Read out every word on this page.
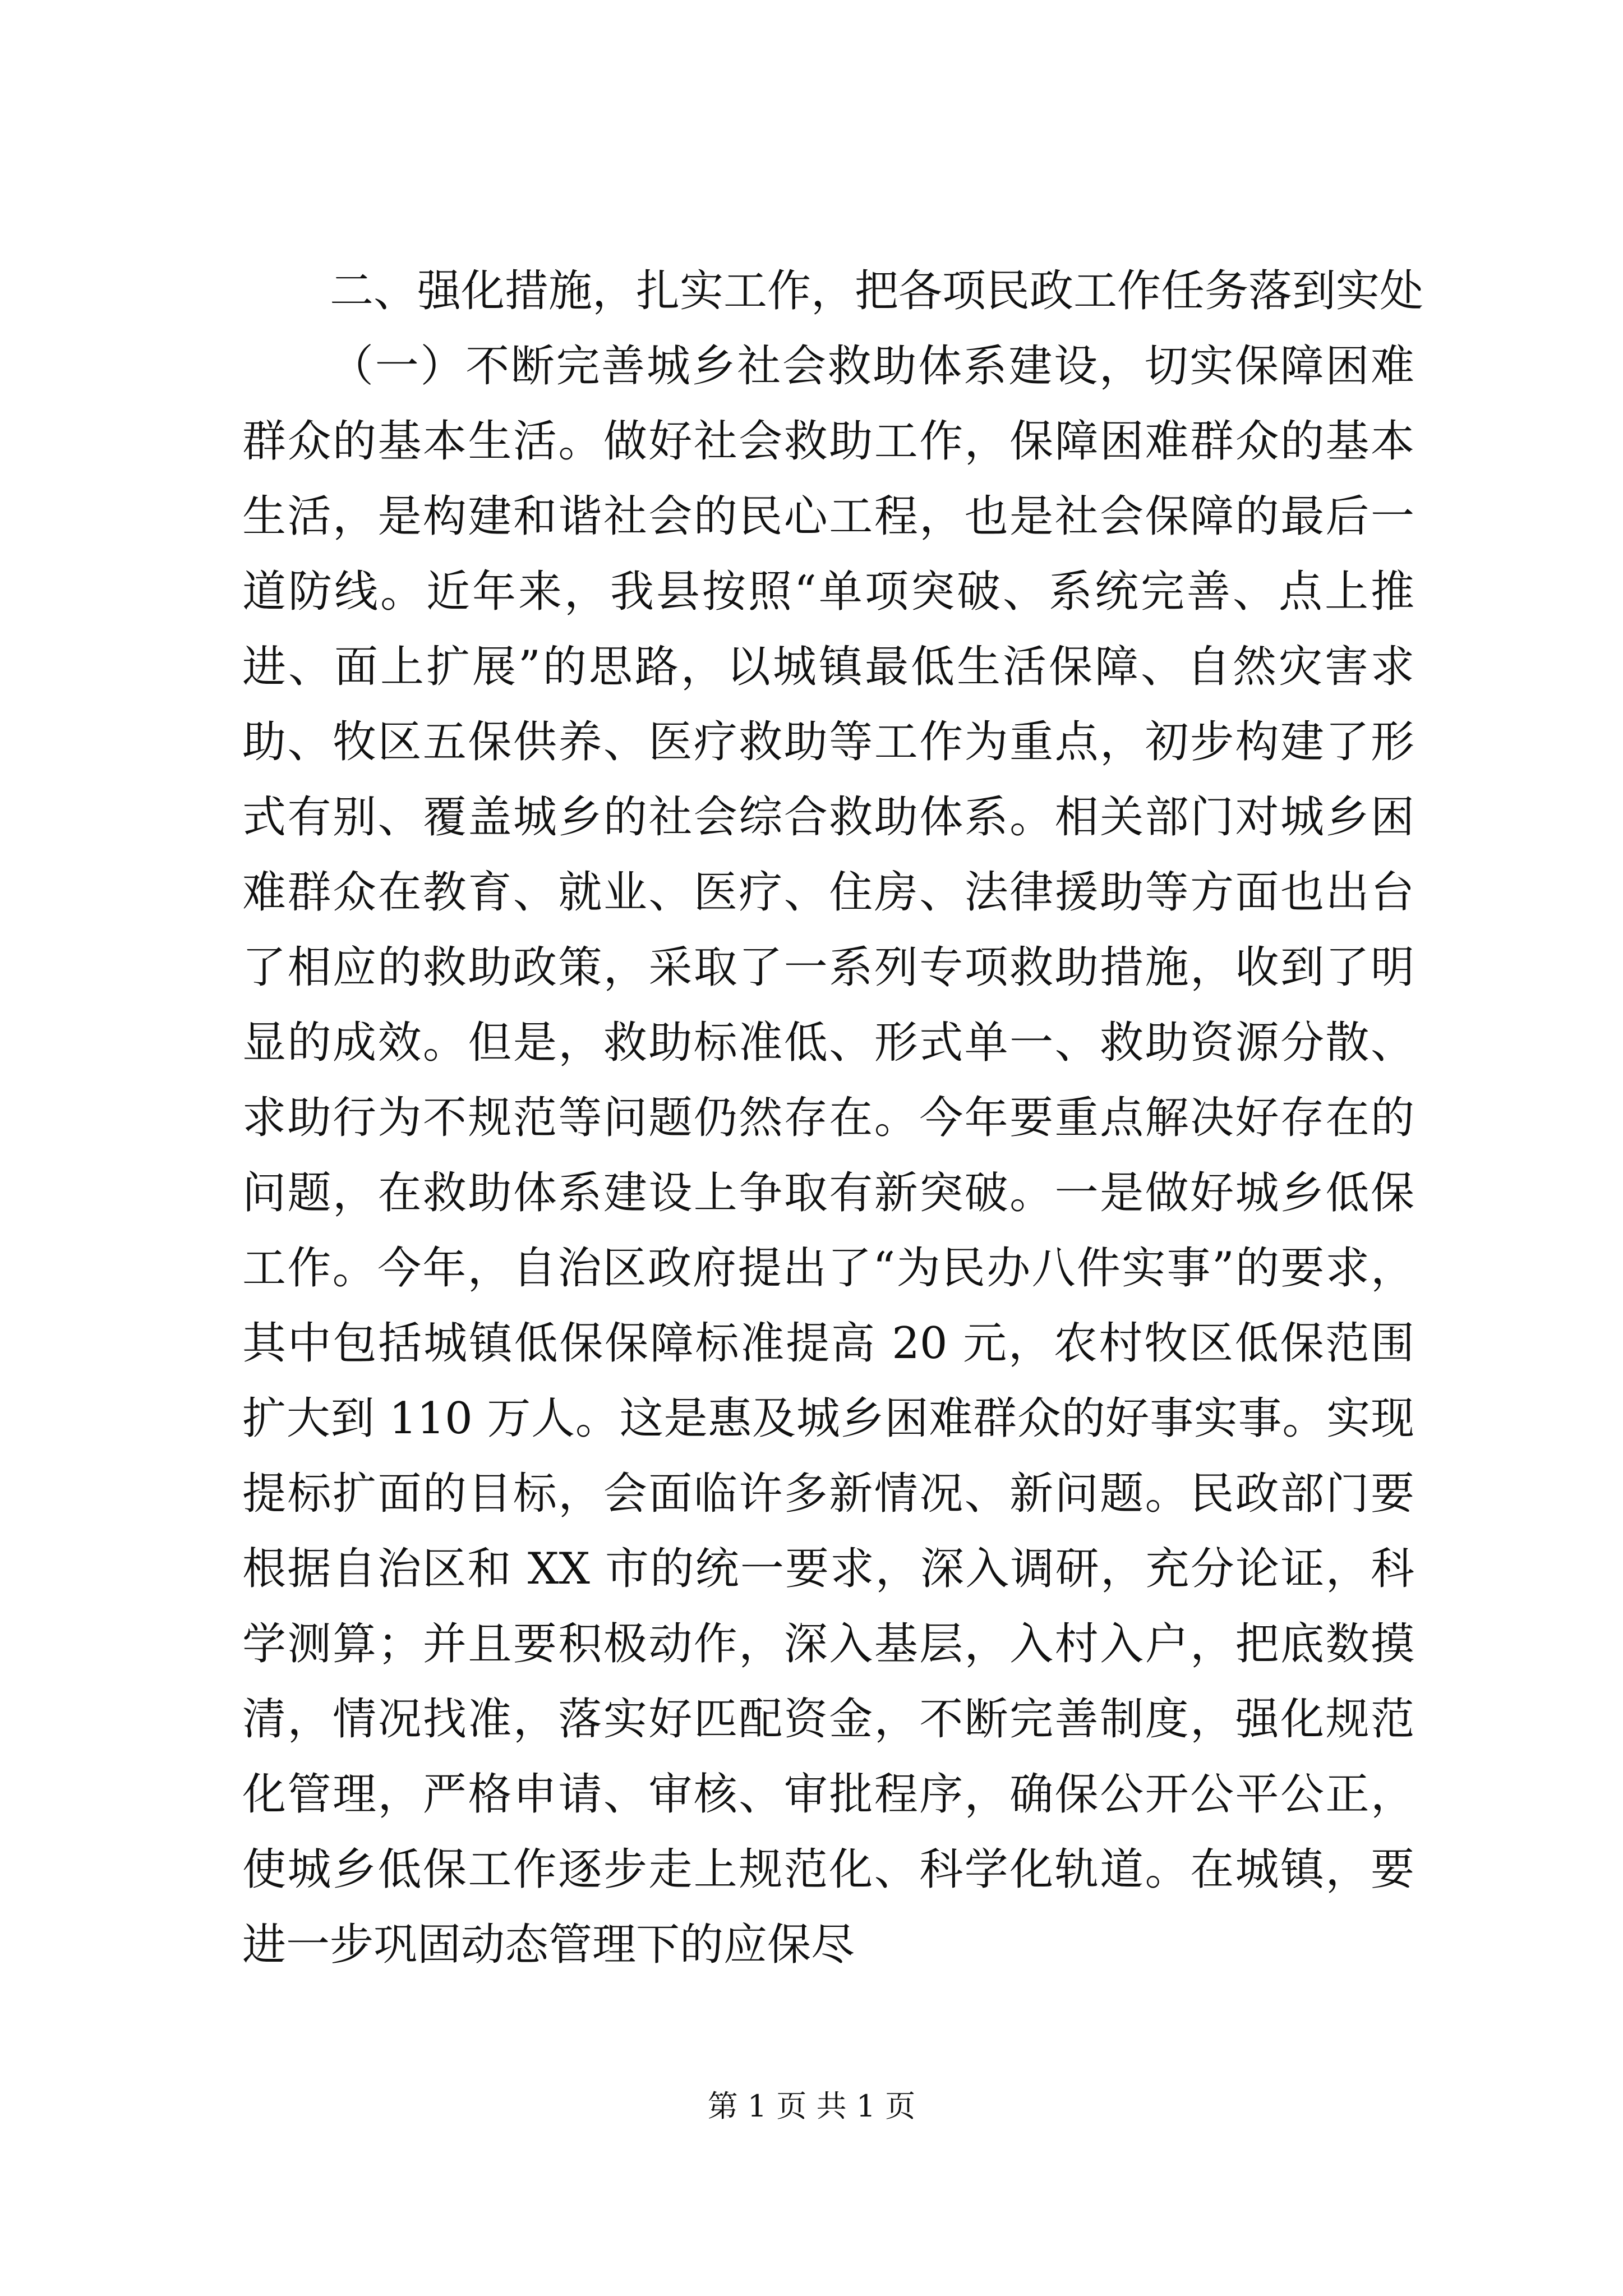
二、强化措施，扎实工作，把各项民政工作任务落到实处

（一）不断完善城乡社会救助体系建设，切实保障困难群众的基本生活。做好社会救助工作，保障困难群众的基本生活，是构建和谐社会的民心工程，也是社会保障的最后一道防线。近年来，我县按照“单项突破、系统完善、点上推进、面上扩展”的思路，以城镇最低生活保障、自然灾害求助、牧区五保供养、医疗救助等工作为重点，初步构建了形式有别、覆盖城乡的社会综合救助体系。相关部门对城乡困难群众在教育、就业、医疗、住房、法律援助等方面也出台了相应的救助政策，采取了一系列专项救助措施，收到了明显的成效。但是，救助标准低、形式单一、救助资源分散、求助行为不规范等问题仍然存在。今年要重点解决好存在的问题，在救助体系建设上争取有新突破。一是做好城乡低保工作。今年，自治区政府提出了“为民办八件实事”的要求，其中包括城镇低保保障标准提高 20 元，农村牧区低保范围扩大到 110 万人。这是惠及城乡困难群众的好事实事。实现提标扩面的目标，会面临许多新情况、新问题。民政部门要根据自治区和 XX 市的统一要求，深入调研，充分论证，科学测算；并且要积极动作，深入基层，入村入户，把底数摸清，情况找准，落实好匹配资金，不断完善制度，强化规范化管理，严格申请、审核、审批程序，确保公开公平公正，使城乡低保工作逐步走上规范化、科学化轨道。在城镇，要进一步巩固动态管理下的应保尽

第 1 页 共 1 页
